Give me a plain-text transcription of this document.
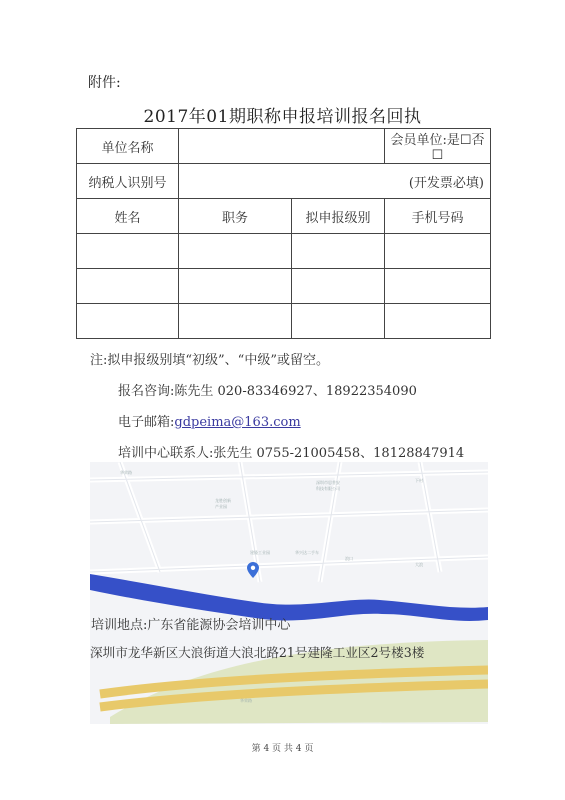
附件:
2017年01期职称申报培训报名回执
单位名称			会员单位:是☐否☐
纳税人识别号	(开发票必填)		
姓名	职务	拟申报级别	手机号码

注:拟申报级别填“初级”、“中级”或留空。
报名咨询:陈先生 020-83346927、18922354090
电子邮箱:gdpeima@163.com
培训中心联系人:张先生 0755-21005458、18128847914
华荣路
深圳市思普安
科技有限公司
龙胜创新
产业园
下村
建隆工业园	华兴达二手车
浪口
大浪
华荣路
培训地点:广东省能源协会培训中心
深圳市龙华新区大浪街道大浪北路21号建隆工业区2号楼3楼
第 4 页 共 4 页
